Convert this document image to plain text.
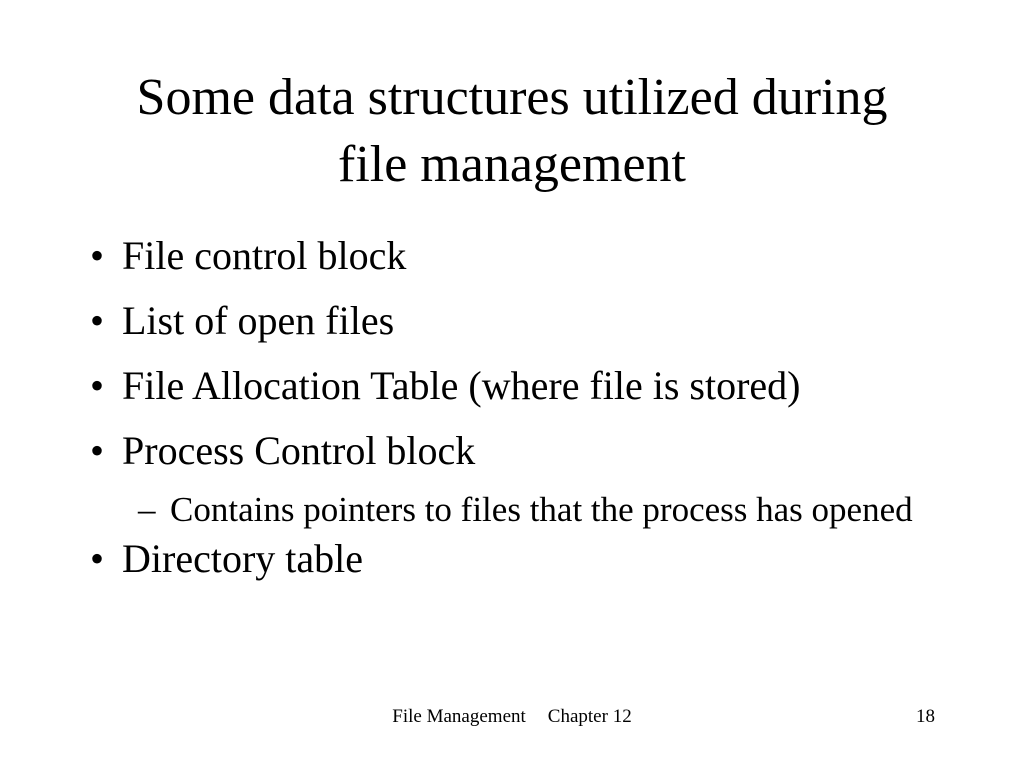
Some data structures utilized during
file management
• File control block
• List of open files
• File Allocation Table (where file is stored)
• Process Control block
– Contains pointers to files that the process has opened
• Directory table
File Management Chapter 12	18
